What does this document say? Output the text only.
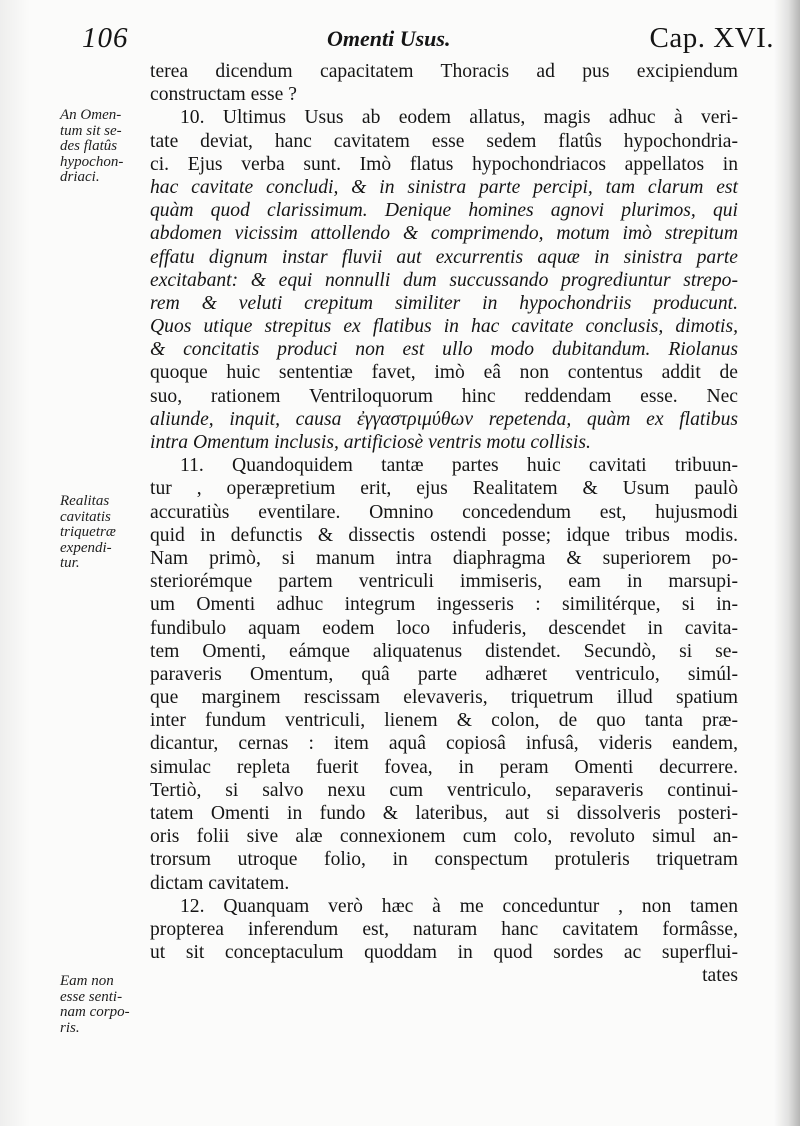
106	Omenti Usus.	Cap. XVI.
An Omen-
tum sit se-
des flatûs
hypochon-
driaci.
Realitas
cavitatis
triquetræ
expendi-
tur.
Eam non
esse senti-
nam corpo-
ris.
terea dicendum capacitatem Thoracis ad pus excipiendum
constructam esse ?
10. Ultimus Usus ab eodem allatus, magis adhuc à veri-
tate deviat, hanc cavitatem esse sedem flatûs hypochondria-
ci. Ejus verba sunt. Imò flatus hypochondriacos appellatos in
hac cavitate concludi, & in sinistra parte percipi, tam clarum est
quàm quod clarissimum. Denique homines agnovi plurimos, qui
abdomen vicissim attollendo & comprimendo, motum imò strepitum
effatu dignum instar fluvii aut excurrentis aquæ in sinistra parte
excitabant: & equi nonnulli dum succussando progrediuntur strepo-
rem & veluti crepitum similiter in hypochondriis producunt.
Quos utique strepitus ex flatibus in hac cavitate conclusis, dimotis,
& concitatis produci non est ullo modo dubitandum. Riolanus
quoque huic sententiæ favet, imò eâ non contentus addit de
suo, rationem Ventriloquorum hinc reddendam esse. Nec
aliunde, inquit, causa ἐγγαστριμύθων repetenda, quàm ex flatibus
intra Omentum inclusis, artificiosè ventris motu collisis.
11. Quandoquidem tantæ partes huic cavitati tribuun-
tur , operæpretium erit, ejus Realitatem & Usum paulò
accuratiùs eventilare. Omnino concedendum est, hujusmodi
quid in defunctis & dissectis ostendi posse; idque tribus modis.
Nam primò, si manum intra diaphragma & superiorem po-
steriorémque partem ventriculi immiseris, eam in marsupi-
um Omenti adhuc integrum ingesseris : similitérque, si in-
fundibulo aquam eodem loco infuderis, descendet in cavita-
tem Omenti, eámque aliquatenus distendet. Secundò, si se-
paraveris Omentum, quâ parte adhæret ventriculo, simúl-
que marginem rescissam elevaveris, triquetrum illud spatium
inter fundum ventriculi, lienem & colon, de quo tanta præ-
dicantur, cernas : item aquâ copiosâ infusâ, videris eandem,
simulac repleta fuerit fovea, in peram Omenti decurrere.
Tertiò, si salvo nexu cum ventriculo, separaveris continui-
tatem Omenti in fundo & lateribus, aut si dissolveris posteri-
oris folii sive alæ connexionem cum colo, revoluto simul an-
trorsum utroque folio, in conspectum protuleris triquetram
dictam cavitatem.
12. Quanquam verò hæc à me conceduntur , non tamen
propterea inferendum est, naturam hanc cavitatem formâsse,
ut sit conceptaculum quoddam in quod sordes ac superflui-
tates
